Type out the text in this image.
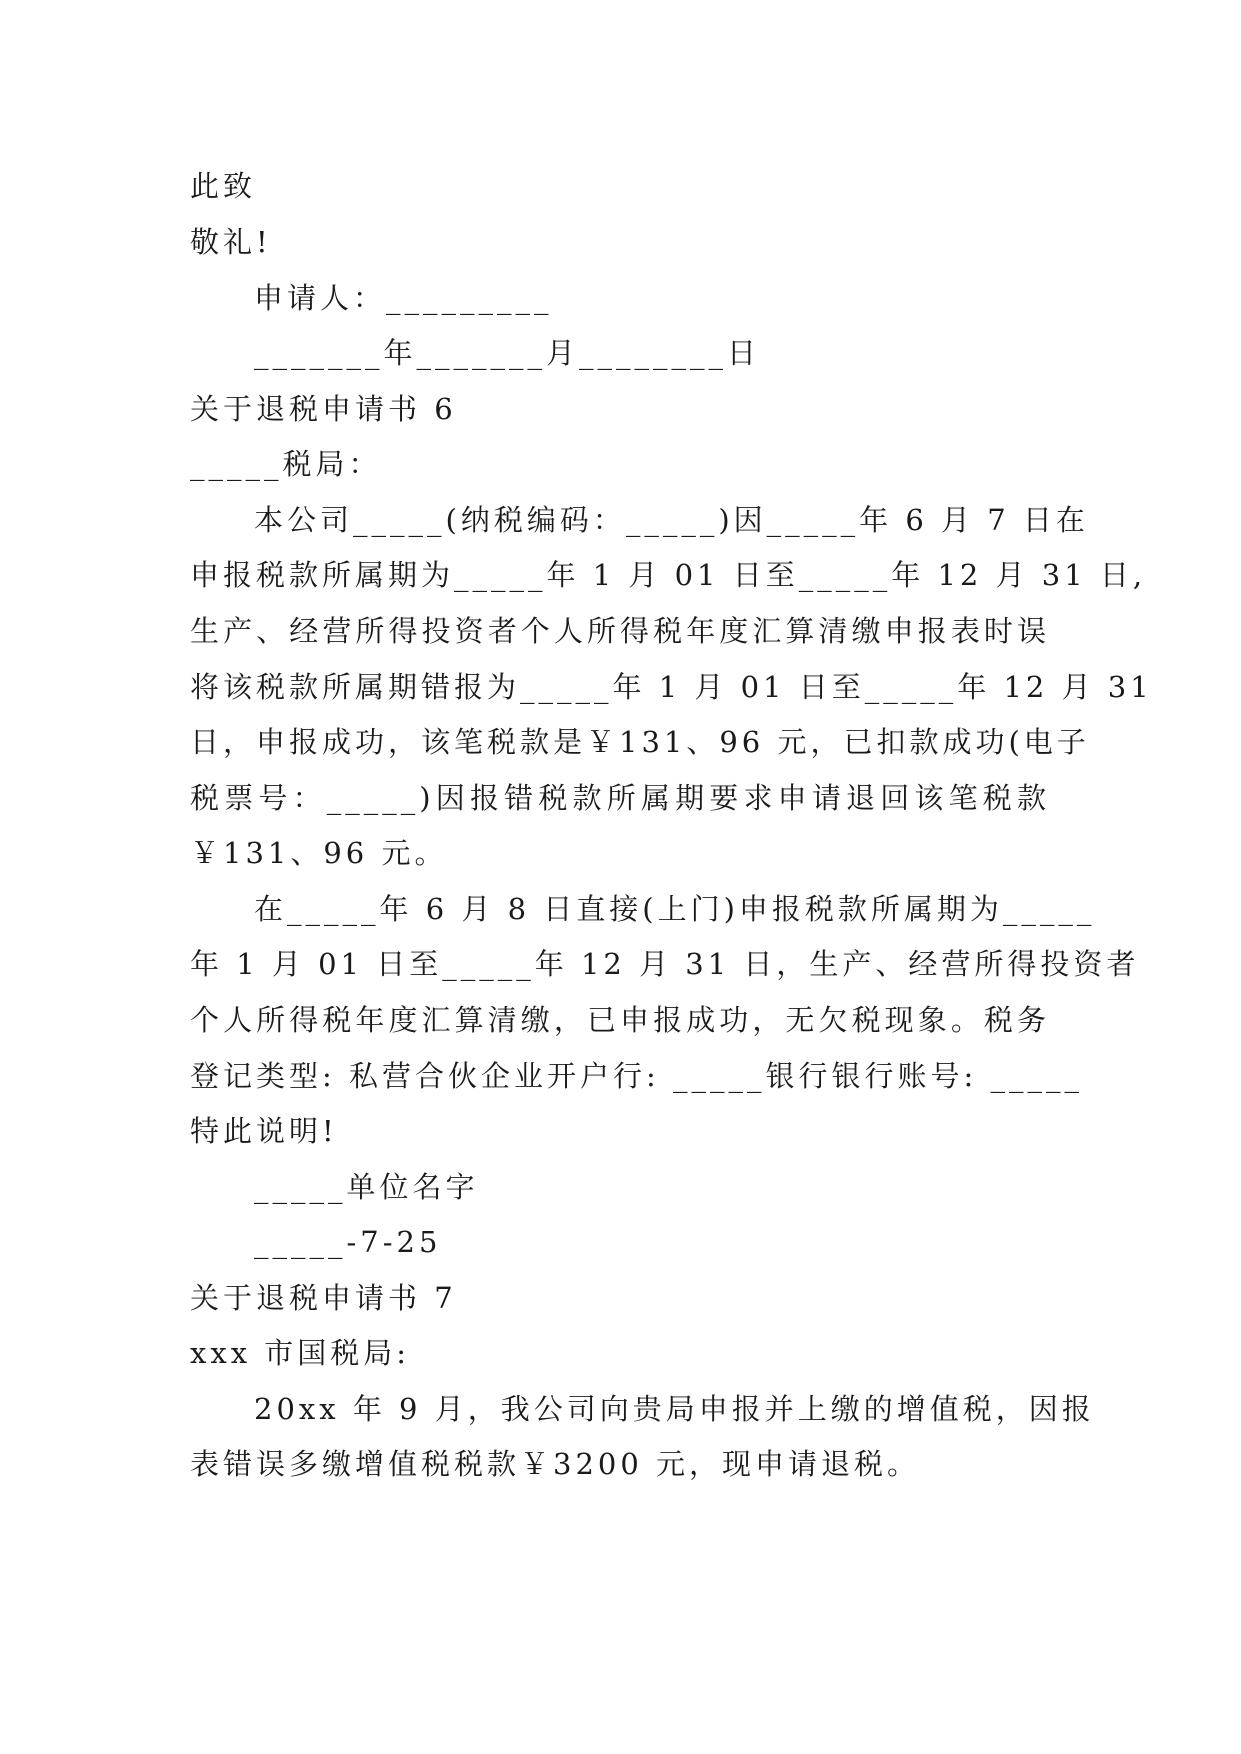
此致
敬礼!
申请人：_________
_______年_______月________日
关于退税申请书 6
_____税局：
本公司_____(纳税编码：_____)因_____年 6 月 7 日在
申报税款所属期为_____年 1 月 01 日至_____年 12 月 31 日,
生产、经营所得投资者个人所得税年度汇算清缴申报表时误
将该税款所属期错报为_____年 1 月 01 日至_____年 12 月 31
日，申报成功，该笔税款是￥131、96 元，已扣款成功(电子
税票号：_____)因报错税款所属期要求申请退回该笔税款
￥131、96 元。
在_____年 6 月 8 日直接(上门)申报税款所属期为_____
年 1 月 01 日至_____年 12 月 31 日，生产、经营所得投资者
个人所得税年度汇算清缴，已申报成功，无欠税现象。税务
登记类型: 私营合伙企业开户行: _____银行银行账号: _____
特此说明!
_____单位名字
_____-7-25
关于退税申请书 7
xxx 市国税局:
20xx 年 9 月，我公司向贵局申报并上缴的增值税，因报
表错误多缴增值税税款￥3200 元，现申请退税。
